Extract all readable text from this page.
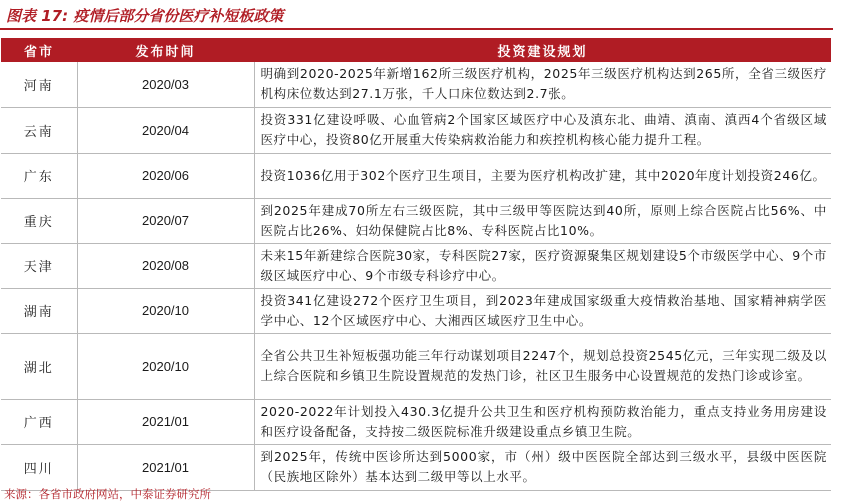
图表 17: 疫情后部分省份医疗补短板政策
省市	发布时间	投资建设规划
河南	2020/03	明确到2020-2025年新增162所三级医疗机构，2025年三级医疗机构达到265所，全省三级医疗机构床位数达到27.1万张，千人口床位数达到2.7张。
云南	2020/04	投资331亿建设呼吸、心血管病2个国家区域医疗中心及滇东北、曲靖、滇南、滇西4个省级区域医疗中心，投资80亿开展重大传染病救治能力和疾控机构核心能力提升工程。
广东	2020/06	投资1036亿用于302个医疗卫生项目，主要为医疗机构改扩建，其中2020年度计划投资246亿。
重庆	2020/07	到2025年建成70所左右三级医院，其中三级甲等医院达到40所，原则上综合医院占比56%、中医院占比26%、妇幼保健院占比8%、专科医院占比10%。
天津	2020/08	未来15年新建综合医院30家，专科医院27家，医疗资源聚集区规划建设5个市级医学中心、9个市级区域医疗中心、9个市级专科诊疗中心。
湖南	2020/10	投资341亿建设272个医疗卫生项目，到2023年建成国家级重大疫情救治基地、国家精神病学医学中心、12个区域医疗中心、大湘西区域医疗卫生中心。
湖北	2020/10	全省公共卫生补短板强功能三年行动谋划项目2247个，规划总投资2545亿元，三年实现二级及以上综合医院和乡镇卫生院设置规范的发热门诊，社区卫生服务中心设置规范的发热门诊或诊室。
广西	2021/01	2020-2022年计划投入430.3亿提升公共卫生和医疗机构预防救治能力，重点支持业务用房建设和医疗设备配备，支持按二级医院标准升级建设重点乡镇卫生院。
四川	2021/01	到2025年，传统中医诊所达到5000家，市（州）级中医医院全部达到三级水平，县级中医医院（民族地区除外）基本达到二级甲等以上水平。
来源：各省市政府网站，中泰证券研究所
